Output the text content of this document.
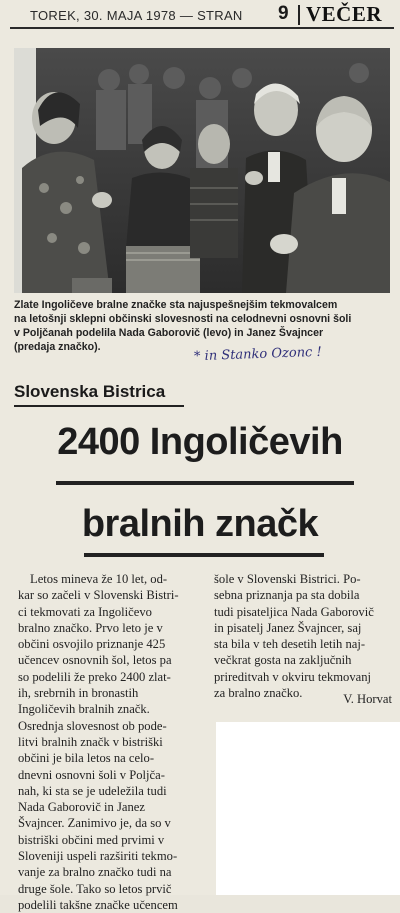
TOREK, 30. MAJA 1978 — STRAN 9 VEČER
Zlate Ingoličeve bralne značke sta najuspešnejšim tekmovalcem
na letošnji sklepni občinski slovesnosti na celodnevni osnovni šoli
v Poljčanah podelila Nada Gaborovič (levo) in Janez Švajncer
(predaja značko).	* in Stanko Ozonc !
Slovenska Bistrica
2400 Ingoličevih
bralnih značk
Letos mineva že 10 let, od-
kar so začeli v Slovenski Bistri-
ci tekmovati za Ingoličevo
bralno značko. Prvo leto je v
občini osvojilo priznanje 425
učencev osnovnih šol, letos pa
so podelili že preko 2400 zlat-
ih, srebrnih in bronastih
Ingoličevih bralnih značk.
Osrednja slovesnost ob pode-
litvi bralnih značk v bistriški
občini je bila letos na celo-
dnevni osnovni šoli v Poljča-
nah, ki sta se je udeležila tudi
Nada Gaborovič in Janez
Švajncer. Zanimivo je, da so v
bistriški občini med prvimi v
Sloveniji uspeli razširiti tekmo-
vanje za bralno značko tudi na
druge šole. Tako so letos prvič
podelili takšne značke učencem
šole v Slovenski Bistrici. Po-
sebna priznanja pa sta dobila
tudi pisateljica Nada Gaborovič
in pisatelj Janez Švajncer, saj
sta bila v teh desetih letih naj-
večkrat gosta na zaključnih
prireditvah v okviru tekmovanj
za bralno značko.	V. Horvat
